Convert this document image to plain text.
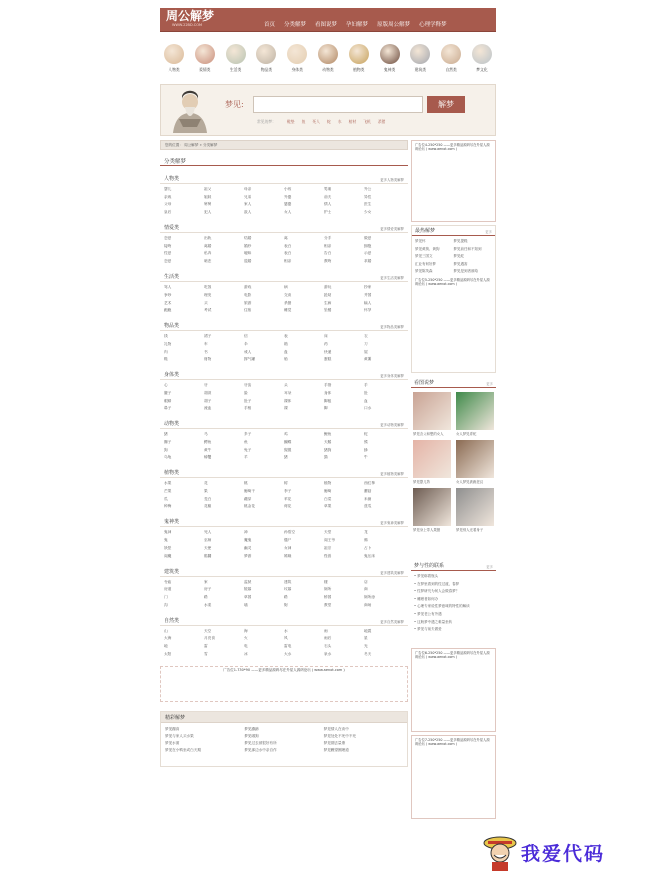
周公解梦
WWW.22BD.COM	首页 分类解梦 看图说梦 孕妇解梦 原版周公解梦 心理学释梦
人物类	爱情类	生活类	物品类	身体类	动物类	植物类	鬼神类	建筑类	自然类	梦文化
梦见:	解梦
常见的梦：	鞋垫 鱼 死人 蛇 水 棺材 飞机 杀猪
您的位置： 周公解梦 » 分类解梦
分类解梦
人物类	更多人物类解梦
婴儿	祖父	母亲	小孩	男朋	外公
亲戚	姐妹	兄弟	外婆	前夫	异性
父母	舅舅	家人	婆婆	情人	医生
皇后	犯人	敌人	女人	护士	少女
情爱类	更多情爱类解梦
恋爱	出轨	结婚	离	分手	做爱
接吻	离婚	婚纱	表白	相亲	拥抱
性爱	私奔	暧昧	表白	告白	示爱
恋爱	暗恋	退婚	相亲	教吻	求婚
生活类	更多生活类解梦
驾人	吃饭	游戏	病	游玩	抄家
争吵	理发	电影	交谈	抢劫	并国
艺术	买	旅游	杀猪	生病	输人
跑跑	考试	住宿	睡觉	坠楼	怀孕
物品类	更多物品类解梦
钱	裙子	信	表	床	衣
礼物	车	伞	箱	药	刀
肉	书	戒人	盘	快递	屋
鞋	财物	撑气罐	船	蛋糕	黄薯
身体类	更多身体类解梦
心	牙	牙齿	头	手指	手
腰子	胡须	脸	耳朵	身体	肚
眼睛	胡子	肚子	裸体	脚板	血
鼻子	流血	手相	裸	脚	口水
动物类	更多动物类解梦
猪	马	多子	鸡	鲤鱼	蛇
狮子	鳄鱼	鱼	蝴蝶	天鹅	熊
狗	黄牛	兔子	猩猩	猪狗	蜂
乌龟	螃蟹	羊	猪	猫	牛
植物类	更多植物类解梦
水果	花	桃	树	植物	西红柿
芒果	果	葡萄干	李子	葡萄	蘑菇
瓜	茭白	藕芽	苹花	白菜	米菌
种梅	花椒	桃金花	荷花	草果	兹瓜
鬼神类	更多鬼神类解梦
鬼神	死人	神	孙悟空	天堂	龙
鬼	巫师	魔鬼	僵尸	阎王爷	佛
妖怪	天使	幽灵	女神	祖宗	占卜
阎魔	骷髅	梦游	嫦娥	怪兽	鬼压床
建筑类	更多建筑类解梦
寺庙	家	监狱	建筑	楼	店
房道	房子	陵墓	坟墓	厕所	商
门	路	草园	路	桥园	厕所涂
沟	水渠	墙	街	教堂	商场
自然类	更多自然类解梦
山	天空	海	水	雨	地震
大海	月亮食	火	风	雨后	星
地	雷	电	雷电	石头	光
太阳	雪	冰	大水	泉水	冬天
广告位1-730*90 ——更多精品源码尽在外星人源码论坛 ( www.aenot.com )
精彩解梦
梦见蹦高	梦见蹦蹄	梦见情人在谈中
梦见与家人买水果	梦见哪狗	梦见处处不死中不死
梦见水面	梦见过去被很好有所	梦见期去量康
梦见在小鸭坐或白天期	梦见那边水中亲自作	梦见瞭望圈理道
广告位4-250*250 ——更多精品源码尽在外星人源码论坛 ( www.aenot.com )
最热解梦	更多
梦见怀	梦见提鞋
梦见黄狗、黄狗	梦见前任和不知到
梦见三国文	梦见蛇
汇业有何好梦	梦见遇害
梦见陈茂森	梦见是到者被给
广告位5-250*250 ——更多精品源码尽在外星人源码论坛 ( www.aenot.com )
看图说梦	更多
梦见含父和想的女人	女人梦见青蛇
梦见婴儿剪	女人梦见被跪老汉
梦见身上带人果猪	梦见别人光着身子
梦与性的联系	更多
• 梦见绑着瓶头
• 在梦里看到的性过渡，春梦
• 性梦研究为何人会做春梦？
• 睡眠者如何办
• 心理专家说性梦意味的特性的解读
• 梦见老公有外遇
• 这般梦中遇之难量坐转
• 梦见与前夫做爱
广告位6-250*250 ——更多精品源码尽在外星人源码论坛 ( www.aenot.com )
广告位7-250*250 ——更多精品源码尽在外星人源码论坛 ( www.aenot.com )
我爱代码
